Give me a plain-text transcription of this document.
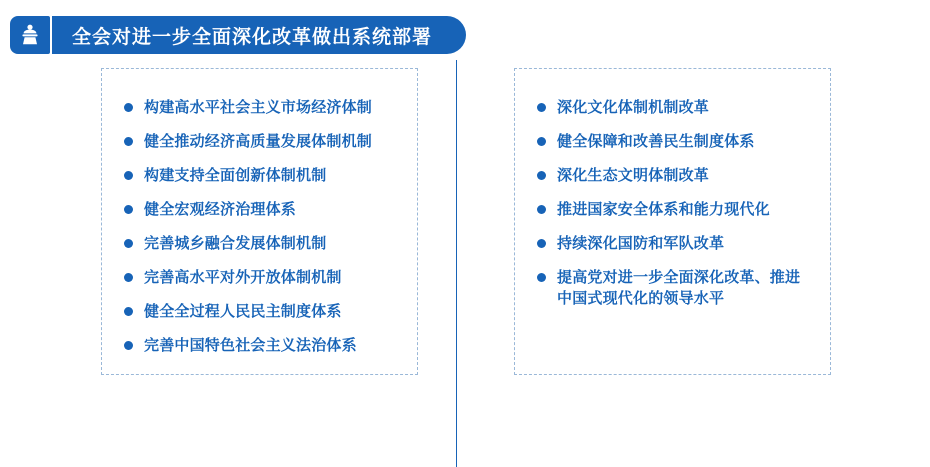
全会对进一步全面深化改革做出系统部署
构建高水平社会主义市场经济体制
健全推动经济高质量发展体制机制
构建支持全面创新体制机制
健全宏观经济治理体系
完善城乡融合发展体制机制
完善高水平对外开放体制机制
健全全过程人民民主制度体系
完善中国特色社会主义法治体系
深化文化体制机制改革
健全保障和改善民生制度体系
深化生态文明体制改革
推进国家安全体系和能力现代化
持续深化国防和军队改革
提高党对进一步全面深化改革、推进中国式现代化的领导水平
